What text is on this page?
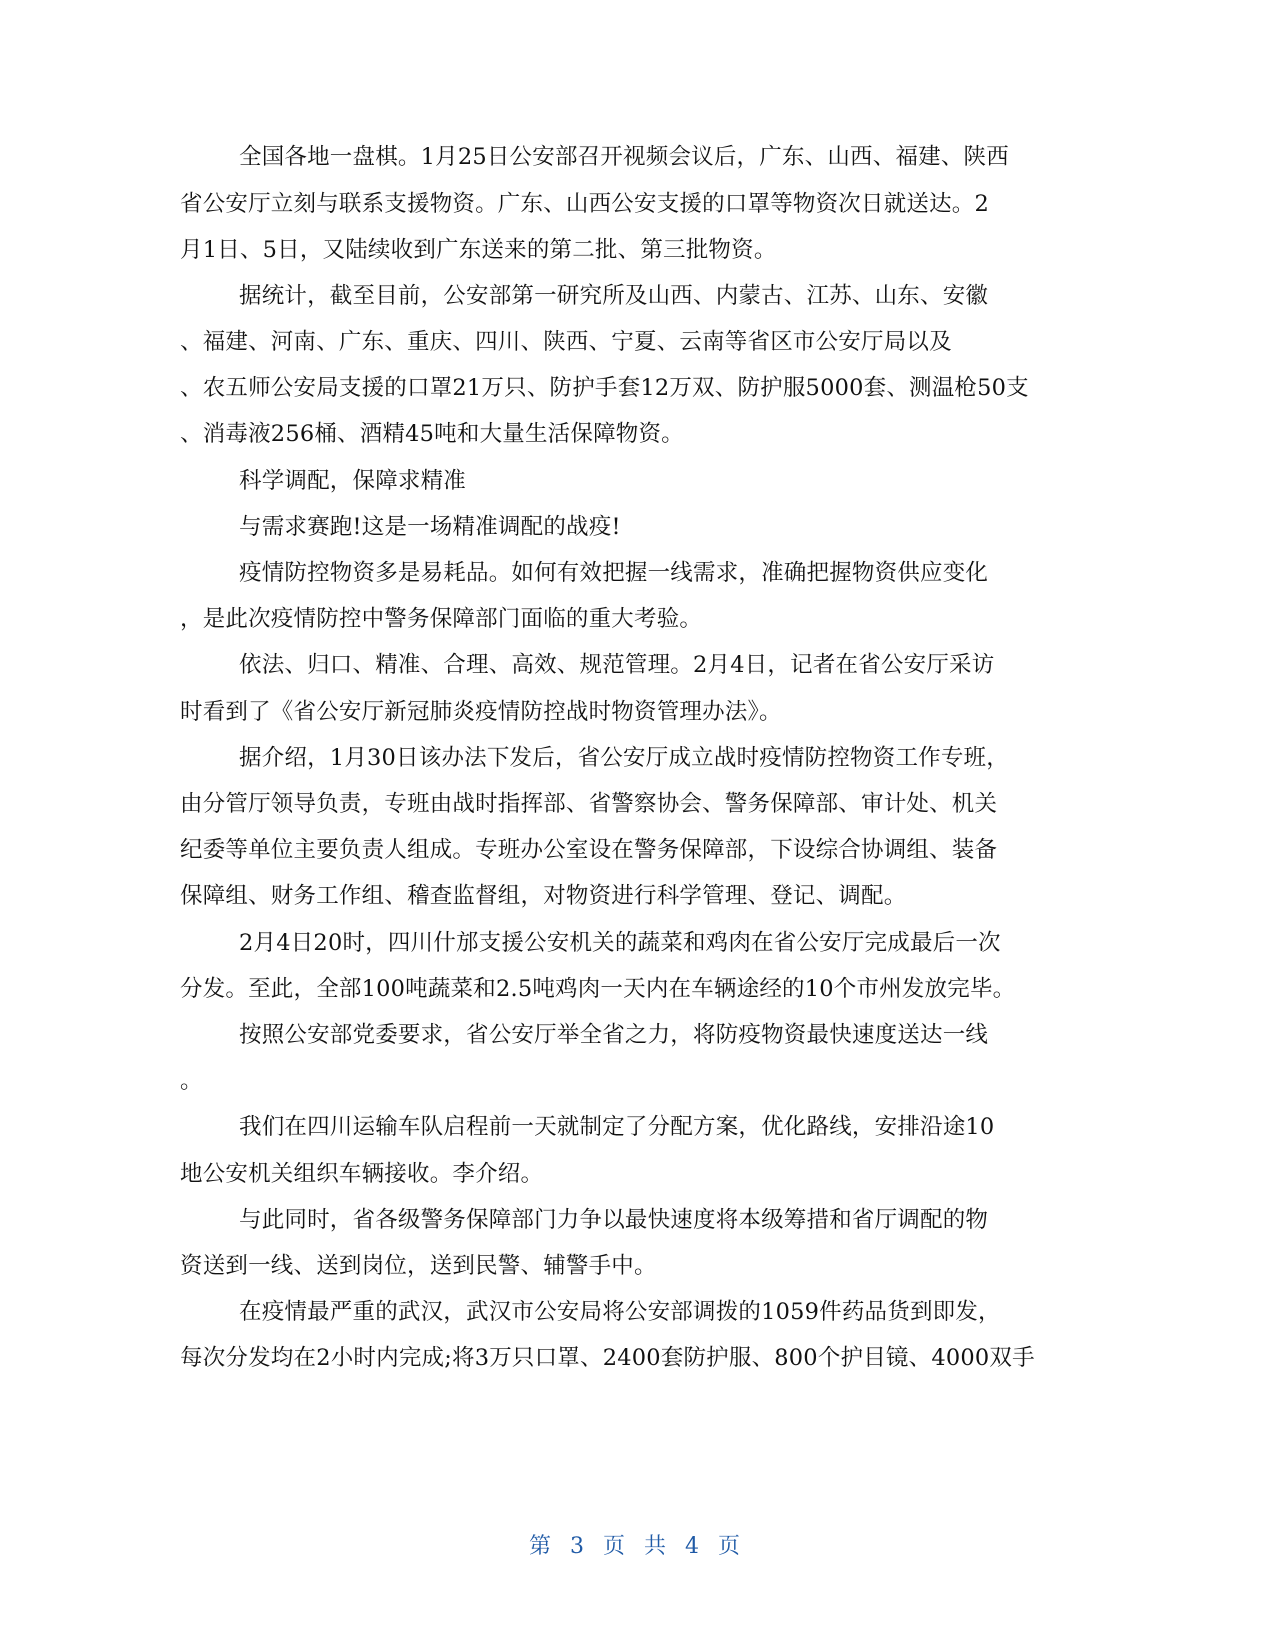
全国各地一盘棋。1月25日公安部召开视频会议后，广东、山西、福建、陕西
省公安厅立刻与联系支援物资。广东、山西公安支援的口罩等物资次日就送达。2
月1日、5日，又陆续收到广东送来的第二批、第三批物资。
据统计，截至目前，公安部第一研究所及山西、内蒙古、江苏、山东、安徽
、福建、河南、广东、重庆、四川、陕西、宁夏、云南等省区市公安厅局以及
、农五师公安局支援的口罩21万只、防护手套12万双、防护服5000套、测温枪50支
、消毒液256桶、酒精45吨和大量生活保障物资。
科学调配，保障求精准
与需求赛跑!这是一场精准调配的战疫!
疫情防控物资多是易耗品。如何有效把握一线需求，准确把握物资供应变化
，是此次疫情防控中警务保障部门面临的重大考验。
依法、归口、精准、合理、高效、规范管理。2月4日，记者在省公安厅采访
时看到了《省公安厅新冠肺炎疫情防控战时物资管理办法》。
据介绍，1月30日该办法下发后，省公安厅成立战时疫情防控物资工作专班，
由分管厅领导负责，专班由战时指挥部、省警察协会、警务保障部、审计处、机关
纪委等单位主要负责人组成。专班办公室设在警务保障部，下设综合协调组、装备
保障组、财务工作组、稽查监督组，对物资进行科学管理、登记、调配。
2月4日20时，四川什邡支援公安机关的蔬菜和鸡肉在省公安厅完成最后一次
分发。至此，全部100吨蔬菜和2.5吨鸡肉一天内在车辆途经的10个市州发放完毕。
按照公安部党委要求，省公安厅举全省之力，将防疫物资最快速度送达一线
。
我们在四川运输车队启程前一天就制定了分配方案，优化路线，安排沿途10
地公安机关组织车辆接收。李介绍。
与此同时，省各级警务保障部门力争以最快速度将本级筹措和省厅调配的物
资送到一线、送到岗位，送到民警、辅警手中。
在疫情最严重的武汉，武汉市公安局将公安部调拨的1059件药品货到即发，
每次分发均在2小时内完成;将3万只口罩、2400套防护服、800个护目镜、4000双手
第 3 页 共 4 页
